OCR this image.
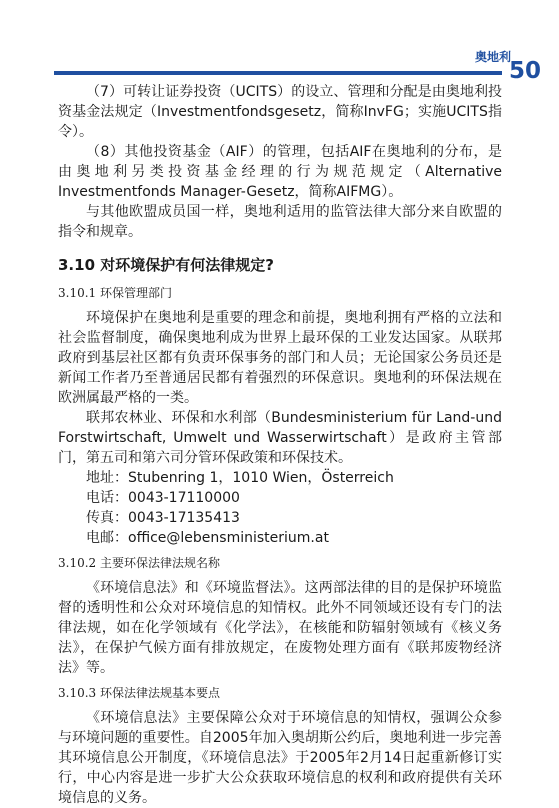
奥地利
50

（7）可转让证券投资（UCITS）的设立、管理和分配是由奥地利投资基金法规定（Investmentfondsgesetz，简称InvFG；实施UCITS指令）。

（8）其他投资基金（AIF）的管理，包括AIF在奥地利的分布，是由奥地利另类投资基金经理的行为规范规定（Alternative Investmentfonds Manager-Gesetz，简称AIFMG）。

与其他欧盟成员国一样，奥地利适用的监管法律大部分来自欧盟的指令和规章。

3.10 对环境保护有何法律规定?
3.10.1 环保管理部门

环境保护在奥地利是重要的理念和前提，奥地利拥有严格的立法和社会监督制度，确保奥地利成为世界上最环保的工业发达国家。从联邦政府到基层社区都有负责环保事务的部门和人员；无论国家公务员还是新闻工作者乃至普通居民都有着强烈的环保意识。奥地利的环保法规在欧洲属最严格的一类。

联邦农林业、环保和水利部（Bundesministerium für Land-und Forstwirtschaft, Umwelt und Wasserwirtschaft）是政府主管部门，第五司和第六司分管环保政策和环保技术。

地址：Stubenring 1，1010 Wien，Österreich
电话：0043-17110000
传真：0043-17135413
电邮：office@lebensministerium.at
3.10.2 主要环保法律法规名称

《环境信息法》和《环境监督法》。这两部法律的目的是保护环境监督的透明性和公众对环境信息的知情权。此外不同领域还设有专门的法律法规，如在化学领域有《化学法》，在核能和防辐射领域有《核义务法》，在保护气候方面有排放规定，在废物处理方面有《联邦废物经济法》等。

3.10.3 环保法律法规基本要点

《环境信息法》主要保障公众对于环境信息的知情权，强调公众参与环境问题的重要性。自2005年加入奥胡斯公约后，奥地利进一步完善其环境信息公开制度，《环境信息法》于2005年2月14日起重新修订实行，中心内容是进一步扩大公众获取环境信息的权利和政府提供有关环境信息的义务。
